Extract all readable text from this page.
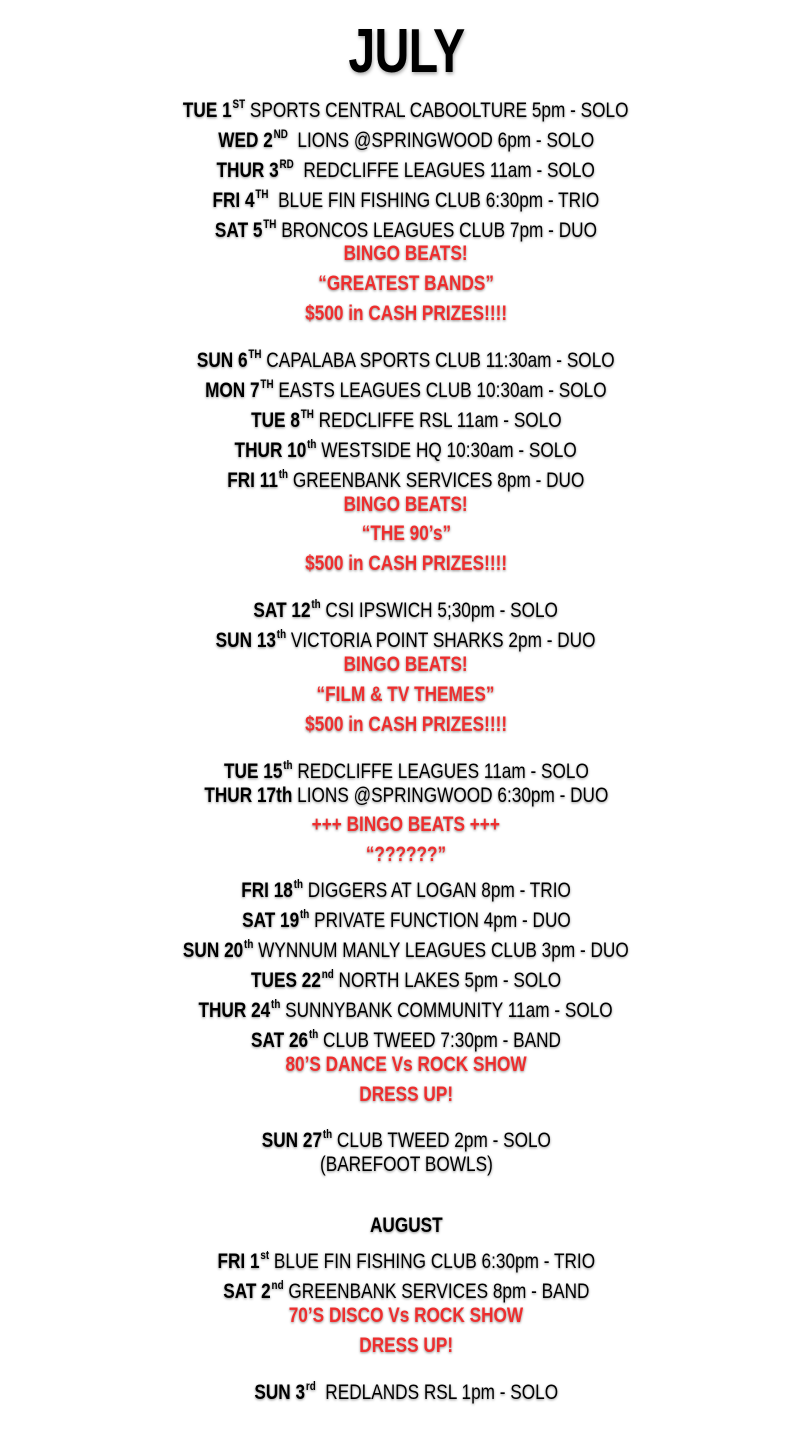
JULY
TUE 1ST SPORTS CENTRAL CABOOLTURE 5pm - SOLO
WED 2ND  LIONS @SPRINGWOOD 6pm - SOLO
THUR 3RD  REDCLIFFE LEAGUES 11am - SOLO
FRI 4TH  BLUE FIN FISHING CLUB 6:30pm - TRIO
SAT 5TH BRONCOS LEAGUES CLUB 7pm - DUO
BINGO BEATS!
“GREATEST BANDS”
$500 in CASH PRIZES!!!!
SUN 6TH CAPALABA SPORTS CLUB 11:30am - SOLO
MON 7TH EASTS LEAGUES CLUB 10:30am - SOLO
TUE 8TH REDCLIFFE RSL 11am - SOLO
THUR 10th WESTSIDE HQ 10:30am - SOLO
FRI 11th GREENBANK SERVICES 8pm - DUO
BINGO BEATS!
“THE 90’s”
$500 in CASH PRIZES!!!!
SAT 12th CSI IPSWICH 5;30pm - SOLO
SUN 13th VICTORIA POINT SHARKS 2pm - DUO
BINGO BEATS!
“FILM & TV THEMES”
$500 in CASH PRIZES!!!!
TUE 15th REDCLIFFE LEAGUES 11am - SOLO
THUR 17th LIONS @SPRINGWOOD 6:30pm - DUO
+++ BINGO BEATS +++
“??????”
FRI 18th DIGGERS AT LOGAN 8pm - TRIO
SAT 19th PRIVATE FUNCTION 4pm - DUO
SUN 20th WYNNUM MANLY LEAGUES CLUB 3pm - DUO
TUES 22nd NORTH LAKES 5pm - SOLO
THUR 24th SUNNYBANK COMMUNITY 11am - SOLO
SAT 26th CLUB TWEED 7:30pm - BAND
80’S DANCE Vs ROCK SHOW
DRESS UP!
SUN 27th CLUB TWEED 2pm - SOLO
(BAREFOOT BOWLS)
AUGUST
FRI 1st BLUE FIN FISHING CLUB 6:30pm - TRIO
SAT 2nd GREENBANK SERVICES 8pm - BAND
70’S DISCO Vs ROCK SHOW
DRESS UP!
SUN 3rd  REDLANDS RSL 1pm - SOLO
